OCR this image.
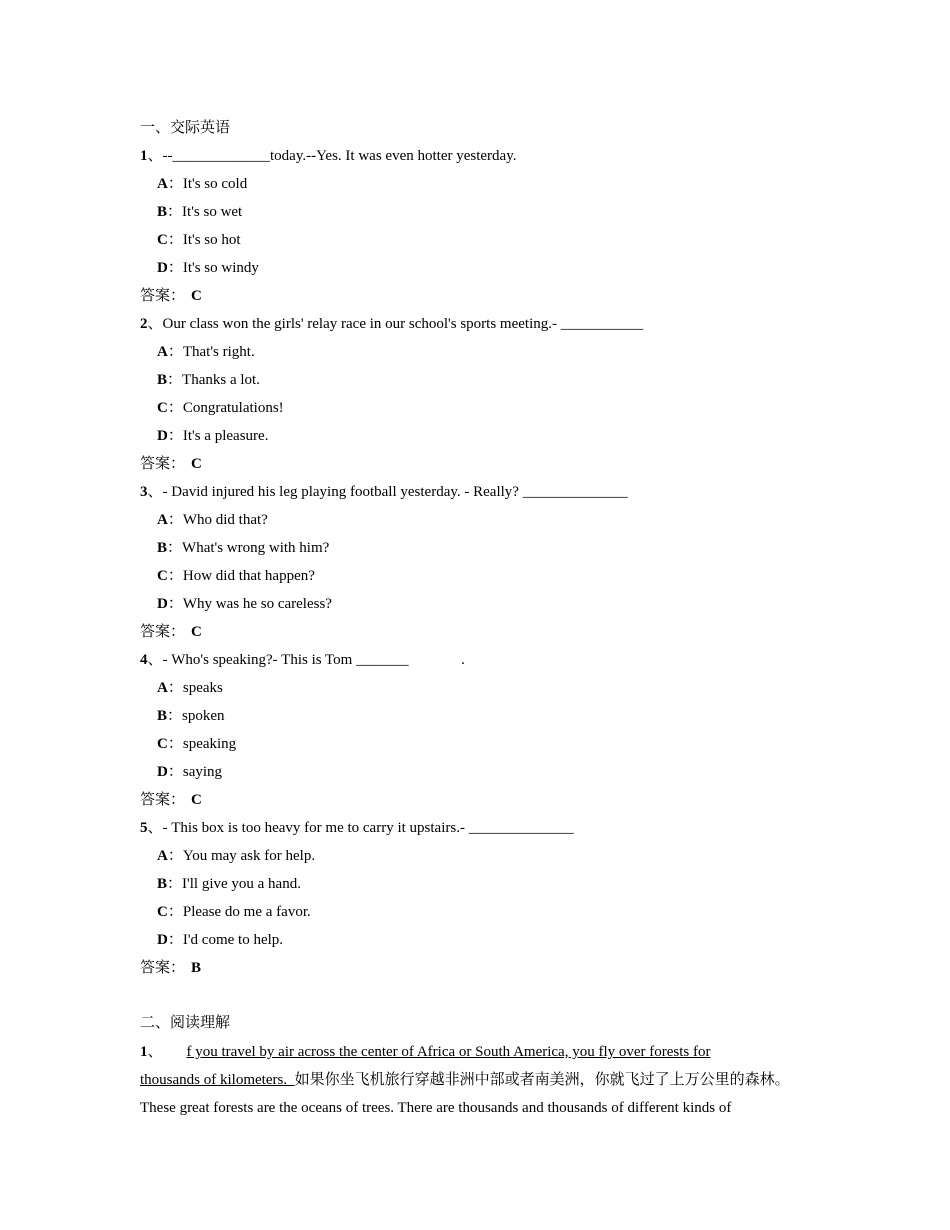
一、交际英语
1、--_____________today.--Yes. It was even hotter yesterday.
A：It's so cold
B：It's so wet
C：It's so hot
D：It's so windy
答案： C
2、Our class won the girls' relay race in our school's sports meeting.- ___________
A：That's right.
B：Thanks a lot.
C：Congratulations!
D：It's a pleasure.
答案： C
3、- David injured his leg playing football yesterday. - Really? ______________
A：Who did that?
B：What's wrong with him?
C：How did that happen?
D：Why was he so careless?
答案： C
4、- Who's speaking?- This is Tom _______              .
A：speaks
B：spoken
C：speaking
D：saying
答案： C
5、- This box is too heavy for me to carry it upstairs.- ______________
A：You may ask for help.
B：I'll give you a hand.
C：Please do me a favor.
D：I'd come to help.
答案： B
二、阅读理解
1、 f you travel by air across the center of Africa or South America, you fly over forests for
thousands of kilometers.  如果你坐飞机旅行穿越非洲中部或者南美洲，你就飞过了上万公里的森林。
These great forests are the oceans of trees. There are thousands and thousands of different kinds of
